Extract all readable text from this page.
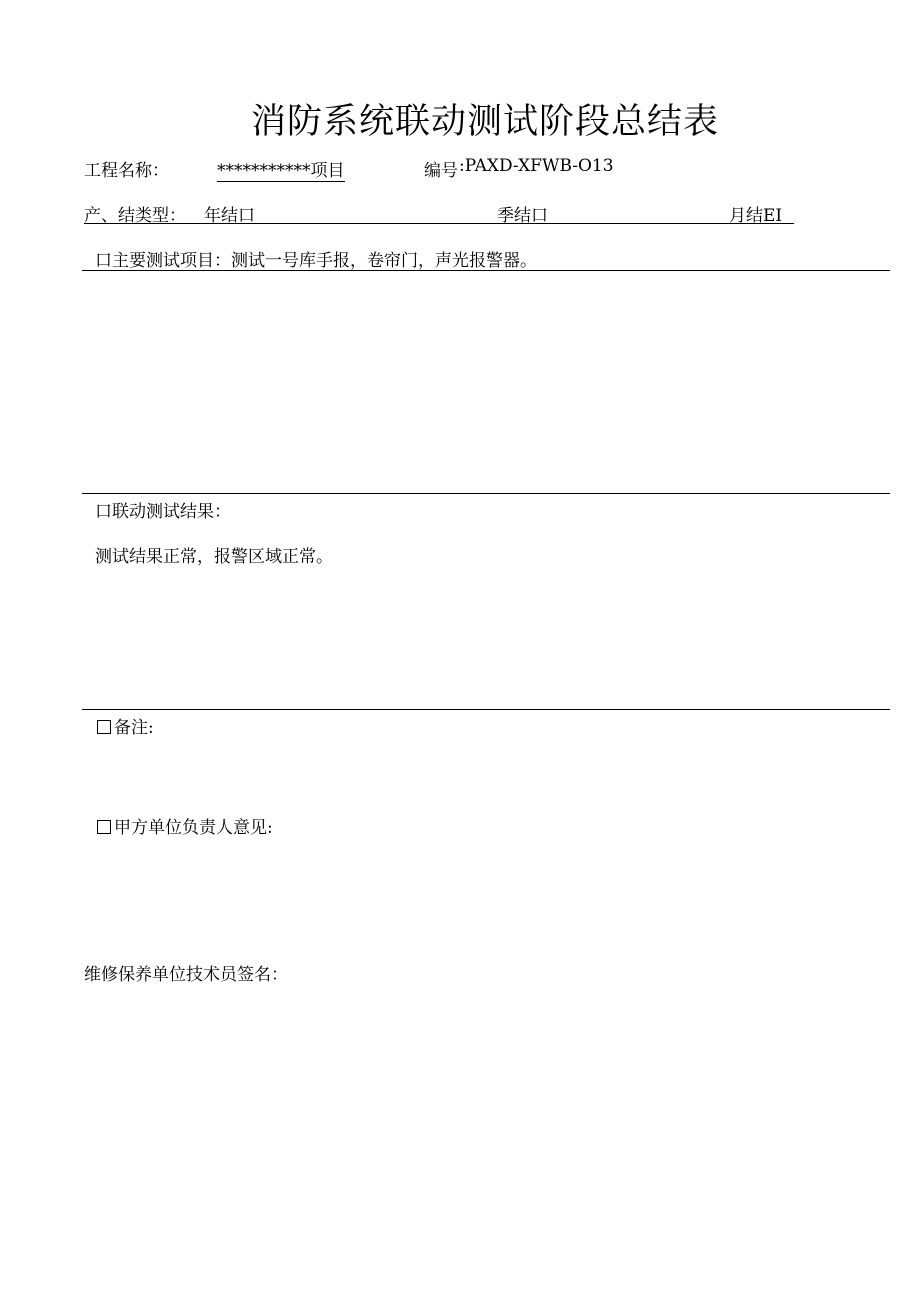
消防系统联动测试阶段总结表
工程名称：	***********项目	编号 :PAXD-XFWB-O13
产、结类型： 年结口	季结口	月结EI
口主要测试项目：测试一号库手报，卷帘门，声光报警器。
口联动测试结果：
测试结果正常，报警区域正常。
备注:
甲方单位负责人意见:
维修保养单位技术员签名：
